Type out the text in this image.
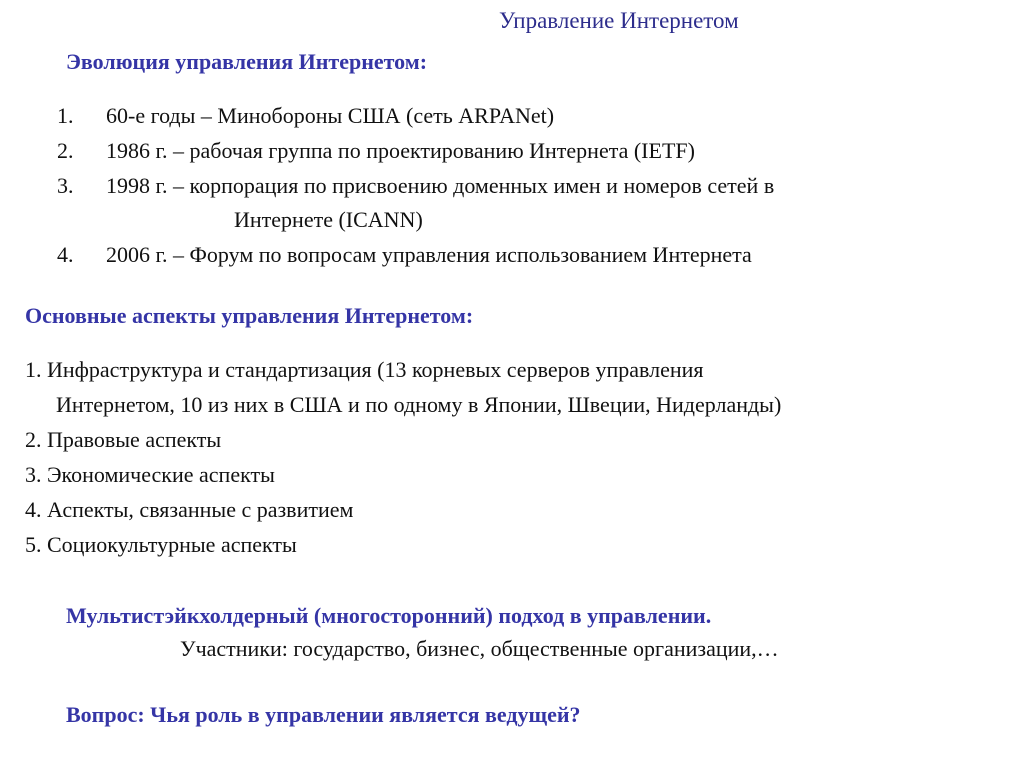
Управление Интернетом
Эволюция управления Интернетом:
1. 60-е годы – Минобороны США (сеть ARPANet)
2. 1986 г. – рабочая группа по проектированию Интернета (IETF)
3. 1998 г. – корпорация по присвоению доменных имен и номеров сетей в
Интернете (ICANN)
4. 2006 г. – Форум по вопросам управления использованием Интернета
Основные аспекты управления Интернетом:
1. Инфраструктура и стандартизация (13 корневых серверов управления
Интернетом, 10 из них в США и по одному в Японии, Швеции, Нидерланды)
2. Правовые аспекты
3. Экономические аспекты
4. Аспекты, связанные с развитием
5. Социокультурные аспекты
Мультистэйкхолдерный (многосторонний) подход в управлении.
Участники: государство, бизнес, общественные организации,…
Вопрос: Чья роль в управлении является ведущей?
